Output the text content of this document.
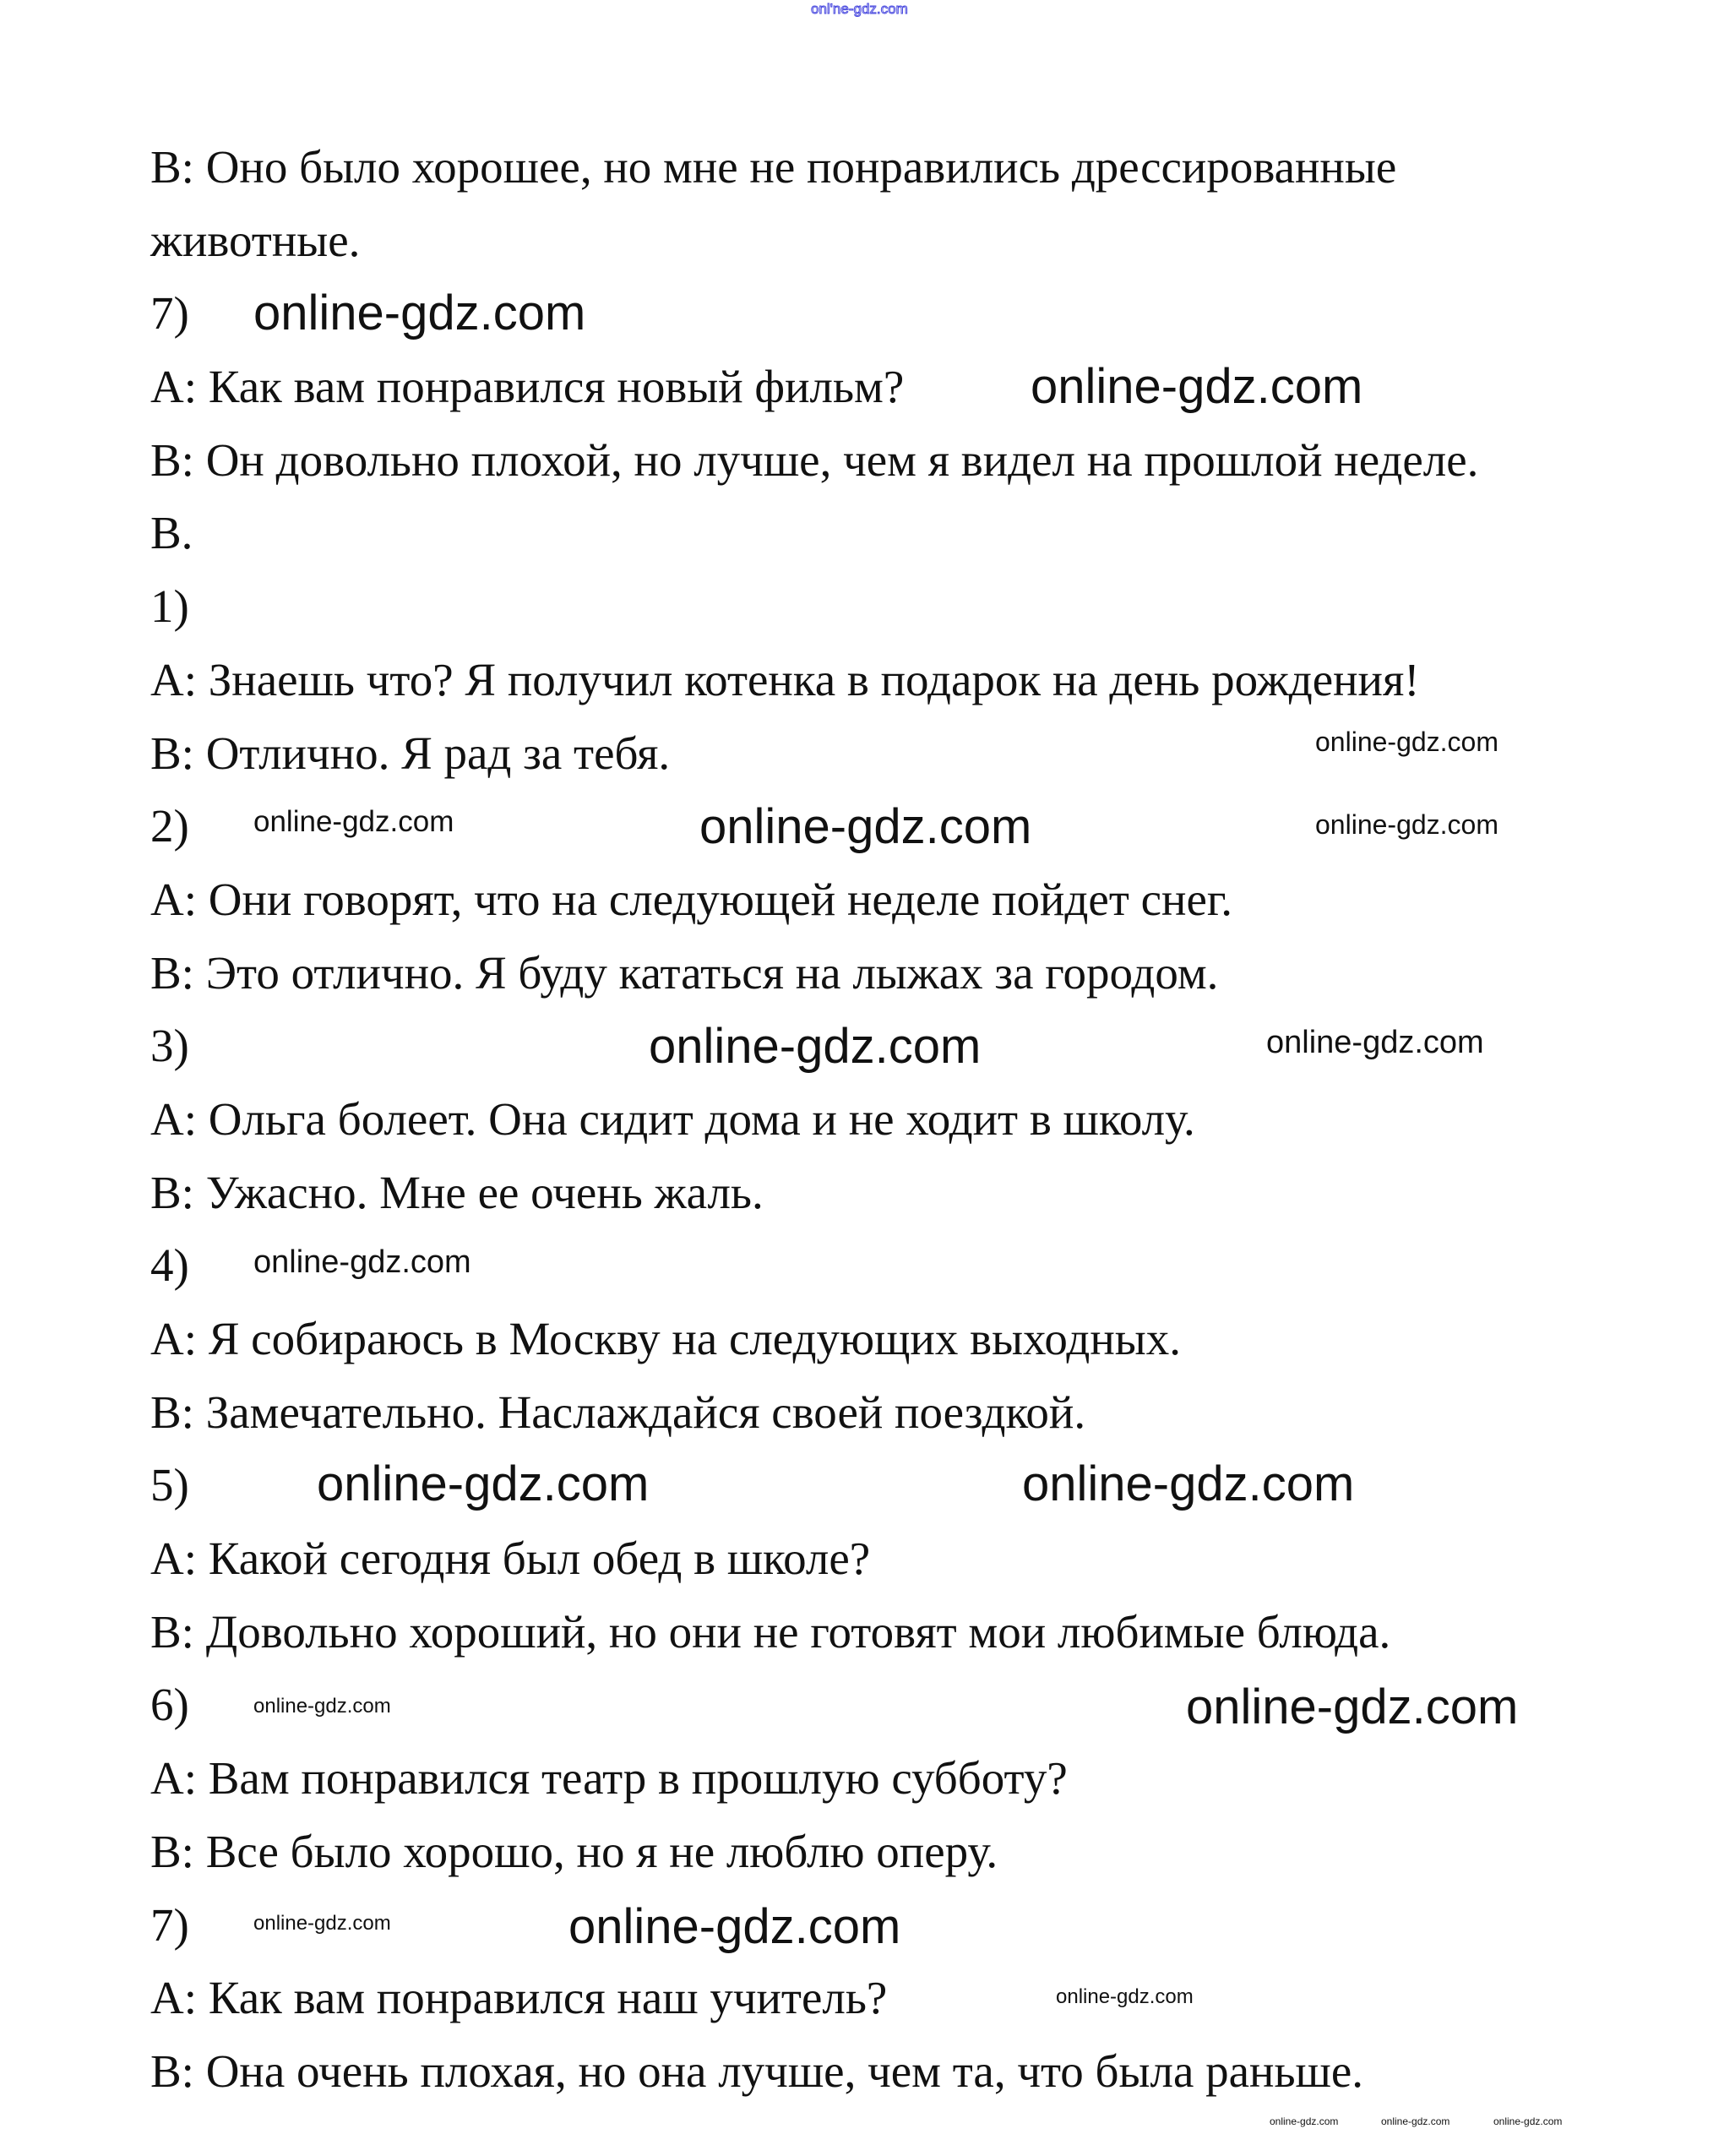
onl'ne-gdz.com
B: Оно было хорошее, но мне не понравились дрессированные
животные.
7)
A: Как вам понравился новый фильм?
B: Он довольно плохой, но лучше, чем я видел на прошлой неделе.
B.
1)
A: Знаешь что? Я получил котенка в подарок на день рождения!
B: Отлично. Я рад за тебя.
2)
A: Они говорят, что на следующей неделе пойдет снег.
B: Это отлично. Я буду кататься на лыжах за городом.
3)
A: Ольга болеет. Она сидит дома и не ходит в школу.
B: Ужасно. Мне ее очень жаль.
4)
A: Я собираюсь в Москву на следующих выходных.
B: Замечательно. Наслаждайся своей поездкой.
5)
A: Какой сегодня был обед в школе?
B: Довольно хороший, но они не готовят мои любимые блюда.
6)
A: Вам понравился театр в прошлую субботу?
B: Все было хорошо, но я не люблю оперу.
7)
A: Как вам понравился наш учитель?
B: Она очень плохая, но она лучше, чем та, что была раньше.
online-gdz.com
online-gdz.com
online-gdz.com
online-gdz.com	online-gdz.com	online-gdz.com
online-gdz.com	online-gdz.com
online-gdz.com
online-gdz.com	online-gdz.com
online-gdz.com	online-gdz.com
online-gdz.com	online-gdz.com
online-gdz.com
online-gdz.com	online-gdz.com	online-gdz.com
